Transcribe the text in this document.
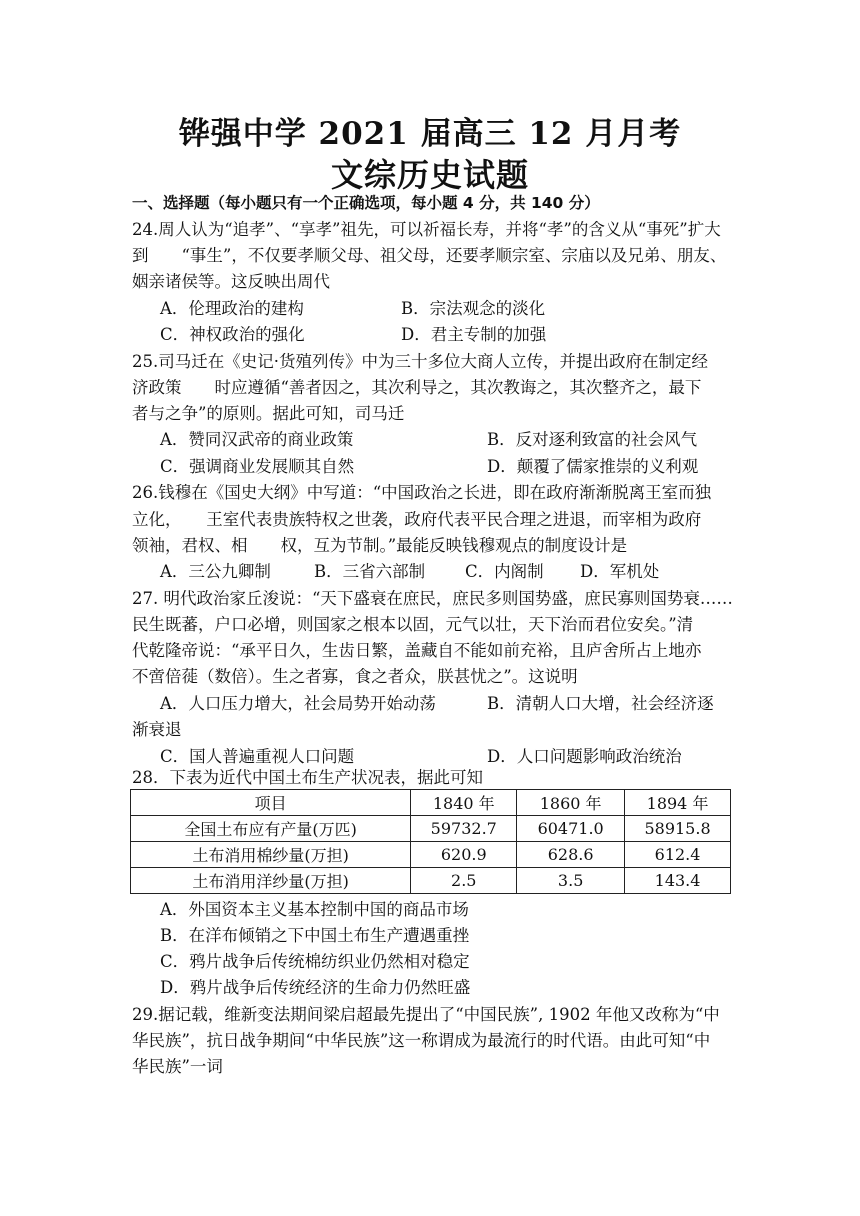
铧强中学 2021 届高三 12 月月考
文综历史试题
一、选择题（每小题只有一个正确选项，每小题 4 分，共 140 分）
24.周人认为“追孝”、“享孝”祖先，可以祈福长寿，并将“孝”的含义从“事死”扩大
到　　“事生”，不仅要孝顺父母、祖父母，还要孝顺宗室、宗庙以及兄弟、朋友、
姻亲诸侯等。这反映出周代
A．伦理政治的建构	B．宗法观念的淡化
C．神权政治的强化	D．君主专制的加强
25.司马迁在《史记·货殖列传》中为三十多位大商人立传，并提出政府在制定经
济政策　　时应遵循“善者因之，其次利导之，其次教诲之，其次整齐之，最下
者与之争”的原则。据此可知，司马迁
A．赞同汉武帝的商业政策	B．反对逐利致富的社会风气
C．强调商业发展顺其自然	D．颠覆了儒家推崇的义利观
26.钱穆在《国史大纲》中写道：“中国政治之长进，即在政府渐渐脱离王室而独
立化，　　王室代表贵族特权之世袭，政府代表平民合理之进退，而宰相为政府
领袖，君权、相　　权，互为节制。”最能反映钱穆观点的制度设计是
A．三公九卿制	B．三省六部制 C．内阁制 D．军机处
27. 明代政治家丘浚说：“天下盛衰在庶民，庶民多则国势盛，庶民寡则国势衰……
民生既蕃，户口必增，则国家之根本以固，元气以壮，天下治而君位安矣。”清
代乾隆帝说：“承平日久，生齿日繁，盖藏自不能如前充裕，且庐舍所占上地亦
不啻倍蓰（数倍）。生之者寡，食之者众，朕甚忧之”。这说明
A．人口压力增大，社会局势开始动荡	B．清朝人口大增，社会经济逐
渐衰退
C．国人普遍重视人口问题	D．人口问题影响政治统治
28．下表为近代中国土布生产状况表，据此可知
项目	1840 年	1860 年	1894 年
全国土布应有产量(万匹)	59732.7	60471.0	58915.8
土布消用棉纱量(万担)	620.9	628.6	612.4
土布消用洋纱量(万担)	2.5	3.5	143.4
A．外国资本主义基本控制中国的商品市场
B．在洋布倾销之下中国土布生产遭遇重挫
C．鸦片战争后传统棉纺织业仍然相对稳定
D．鸦片战争后传统经济的生命力仍然旺盛
29.据记载，维新变法期间梁启超最先提出了“中国民族”, 1902 年他又改称为“中
华民族”，抗日战争期间“中华民族”这一称谓成为最流行的时代语。由此可知“中
华民族”一词
